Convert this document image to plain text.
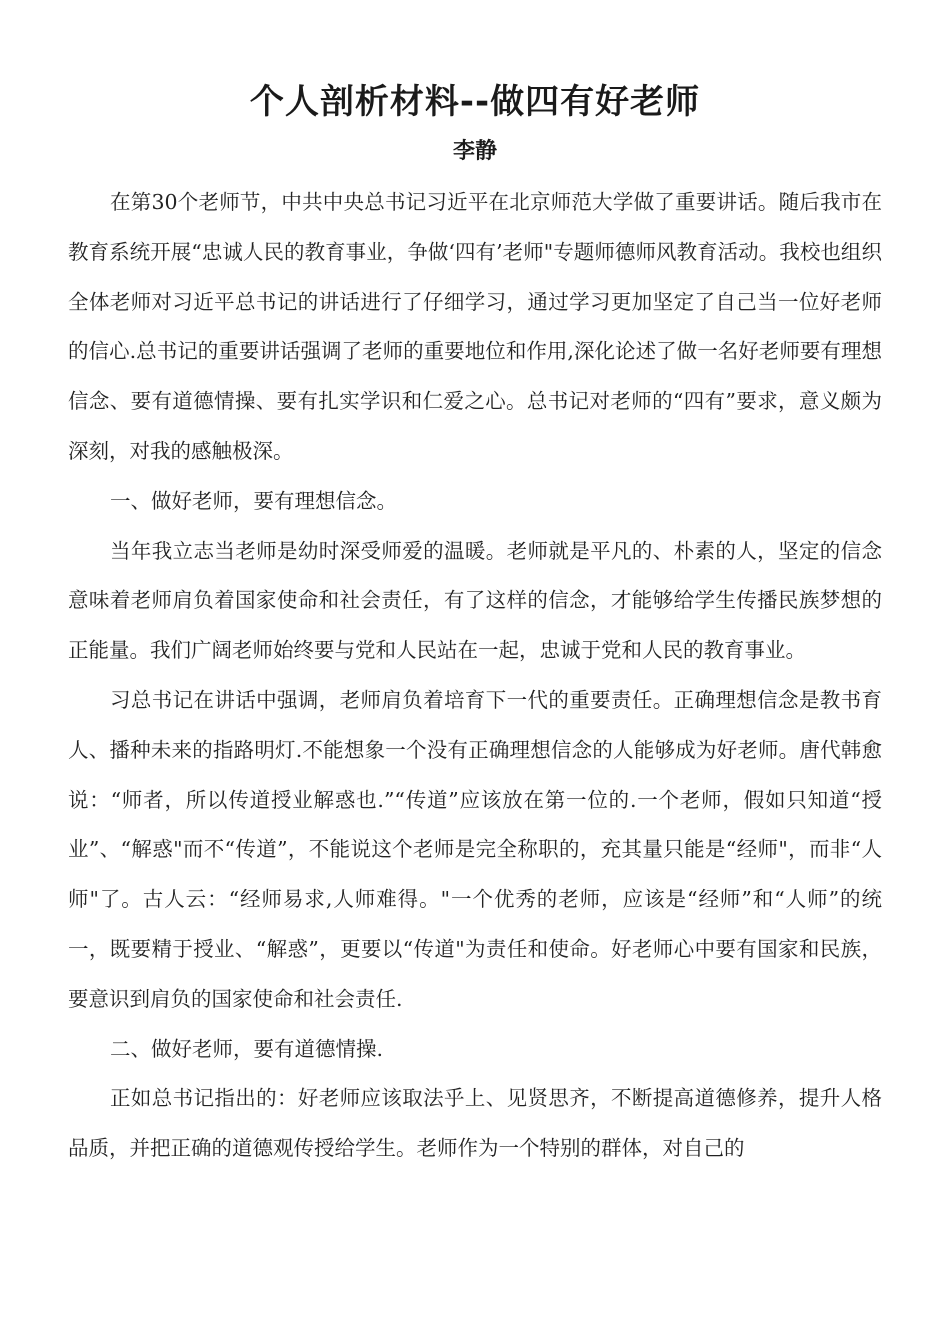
个人剖析材料--做四有好老师
李静

在第30个老师节，中共中央总书记习近平在北京师范大学做了重要讲话。随后我市在教育系统开展“忠诚人民的教育事业，争做‘四有’老师"专题师德师风教育活动。我校也组织全体老师对习近平总书记的讲话进行了仔细学习，通过学习更加坚定了自己当一位好老师的信心.总书记的重要讲话强调了老师的重要地位和作用,深化论述了做一名好老师要有理想信念、要有道德情操、要有扎实学识和仁爱之心。总书记对老师的“四有”要求，意义颇为深刻，对我的感触极深。

一、做好老师，要有理想信念。

当年我立志当老师是幼时深受师爱的温暖。老师就是平凡的、朴素的人，坚定的信念意味着老师肩负着国家使命和社会责任，有了这样的信念，才能够给学生传播民族梦想的正能量。我们广阔老师始终要与党和人民站在一起，忠诚于党和人民的教育事业。

习总书记在讲话中强调，老师肩负着培育下一代的重要责任。正确理想信念是教书育人、播种未来的指路明灯.不能想象一个没有正确理想信念的人能够成为好老师。唐代韩愈说：“师者，所以传道授业解惑也.”“传道”应该放在第一位的.一个老师，假如只知道“授业”、“解惑"而不“传道”，不能说这个老师是完全称职的，充其量只能是“经师"，而非“人师"了。古人云：“经师易求,人师难得。"一个优秀的老师，应该是“经师”和“人师”的统一，既要精于授业、“解惑”，更要以“传道"为责任和使命。好老师心中要有国家和民族，要意识到肩负的国家使命和社会责任.

二、做好老师，要有道德情操.

正如总书记指出的：好老师应该取法乎上、见贤思齐，不断提高道德修养，提升人格品质，并把正确的道德观传授给学生。老师作为一个特别的群体，对自己的
